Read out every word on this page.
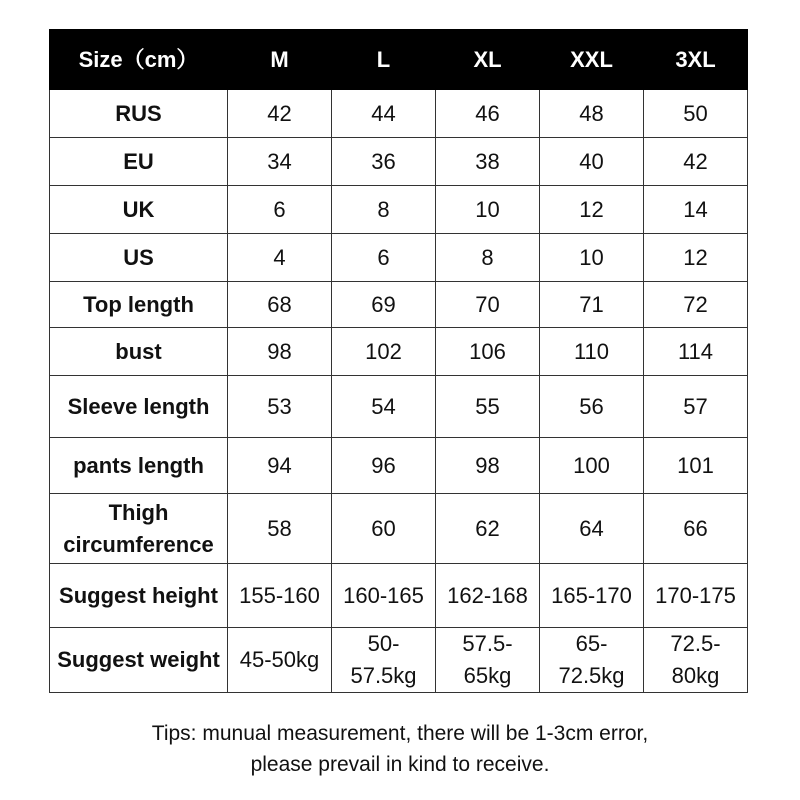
Size（cm）	M	L	XL	XXL	3XL

RUS	42	44	46	48	50

EU	34	36	38	40	42

UK	6	8	10	12	14

US	4	6	8	10	12

Top length	68	69	70	71	72

bust	98	102	106	110	114

Sleeve length	53	54	55	56	57

pants length	94	96	98	100	101

Thigh circumference	58	60	62	64	66

Suggest height	155-160	160-165	162-168	165-170	170-175

Suggest weight	45-50kg	50-57.5kg	57.5-65kg	65-72.5kg	72.5-80kg
Tips: munual measurement, there will be 1-3cm error,
please prevail in kind to receive.
